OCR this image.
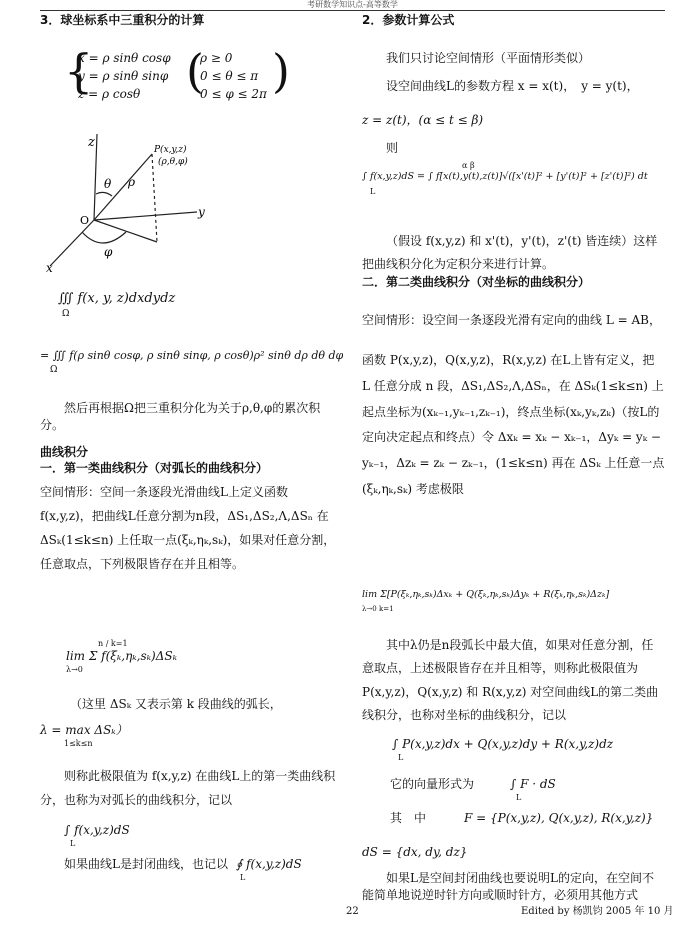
考研数学知识点-高等数学
3．球坐标系中三重积分的计算
{
x = ρ sinθ cosφ
y = ρ sinθ sinφ
z = ρ cosθ (
ρ ≥ 0
0 ≤ θ ≤ π
0 ≤ φ ≤ 2π )
z
y
x
O
P(x,y,z)
(ρ,θ,φ)
θ ρ
φ
∭ f(x, y, z)dxdydz
Ω
= ∭ f(ρ sinθ cosφ, ρ sinθ sinφ, ρ cosθ)ρ² sinθ dρ dθ dφ
Ω
然后再根据Ω把三重积分化为关于ρ,θ,φ的累次积分。
曲线积分
一．第一类曲线积分（对弧长的曲线积分）
空间情形：空间一条逐段光滑曲线L上定义函数 f(x,y,z)，把曲线L任意分割为n段，ΔS₁,ΔS₂,Λ,ΔSₙ 在 ΔSₖ(1≤k≤n) 上任取一点(ξₖ,ηₖ,sₖ)，如果对任意分割，任意取点，下列极限皆存在并且相等。
lim Σ f(ξₖ,ηₖ,sₖ)ΔSₖ
λ→0
n / k=1
（这里 ΔSₖ 又表示第 k 段曲线的弧长，
λ = max ΔSₖ）
1≤k≤n
则称此极限值为 f(x,y,z) 在曲线L上的第一类曲线积分，也称为对弧长的曲线积分，记以
∫ f(x,y,z)dS
L
如果曲线L是封闭曲线，也记以 ∮ f(x,y,z)dS
L
2．参数计算公式
我们只讨论空间情形（平面情形类似）
设空间曲线L的参数方程 x = x(t)，　y = y(t)，
z = z(t)，(α ≤ t ≤ β)
则
∫ f(x,y,z)dS = ∫ f[x(t),y(t),z(t)]√([x'(t)]² + [y'(t)]² + [z'(t)]²) dt
L
α β
（假设 f(x,y,z) 和 x'(t)，y'(t)，z'(t) 皆连续）这样把曲线积分化为定积分来进行计算。
二．第二类曲线积分（对坐标的曲线积分）
空间情形：设空间一条逐段光滑有定向的曲线 L = AB，
函数 P(x,y,z)，Q(x,y,z)，R(x,y,z) 在L上皆有定义，把 L 任意分成 n 段，ΔS₁,ΔS₂,Λ,ΔSₙ，在 ΔSₖ(1≤k≤n) 上起点坐标为(xₖ₋₁,yₖ₋₁,zₖ₋₁)，终点坐标(xₖ,yₖ,zₖ)（按L的定向决定起点和终点）令 Δxₖ = xₖ − xₖ₋₁，Δyₖ = yₖ − yₖ₋₁，Δzₖ = zₖ − zₖ₋₁，(1≤k≤n) 再在 ΔSₖ 上任意一点(ξₖ,ηₖ,sₖ) 考虑极限
lim Σ[P(ξₖ,ηₖ,sₖ)Δxₖ + Q(ξₖ,ηₖ,sₖ)Δyₖ + R(ξₖ,ηₖ,sₖ)Δzₖ]
λ→0 k=1
其中λ仍是n段弧长中最大值，如果对任意分割，任意取点，上述极限皆存在并且相等，则称此极限值为 P(x,y,z)，Q(x,y,z) 和 R(x,y,z) 对空间曲线L的第二类曲线积分，也称对坐标的曲线积分，记以
∫ P(x,y,z)dx + Q(x,y,z)dy + R(x,y,z)dz
L
它的向量形式为	∫ F · dS
L
其　中	F = {P(x,y,z), Q(x,y,z), R(x,y,z)}
dS = {dx, dy, dz}
如果L是空间封闭曲线也要说明L的定向，在空间不能简单地说逆时针方向或顺时针方，必须用其他方式
22	Edited by 杨凯钧 2005 年 10 月
